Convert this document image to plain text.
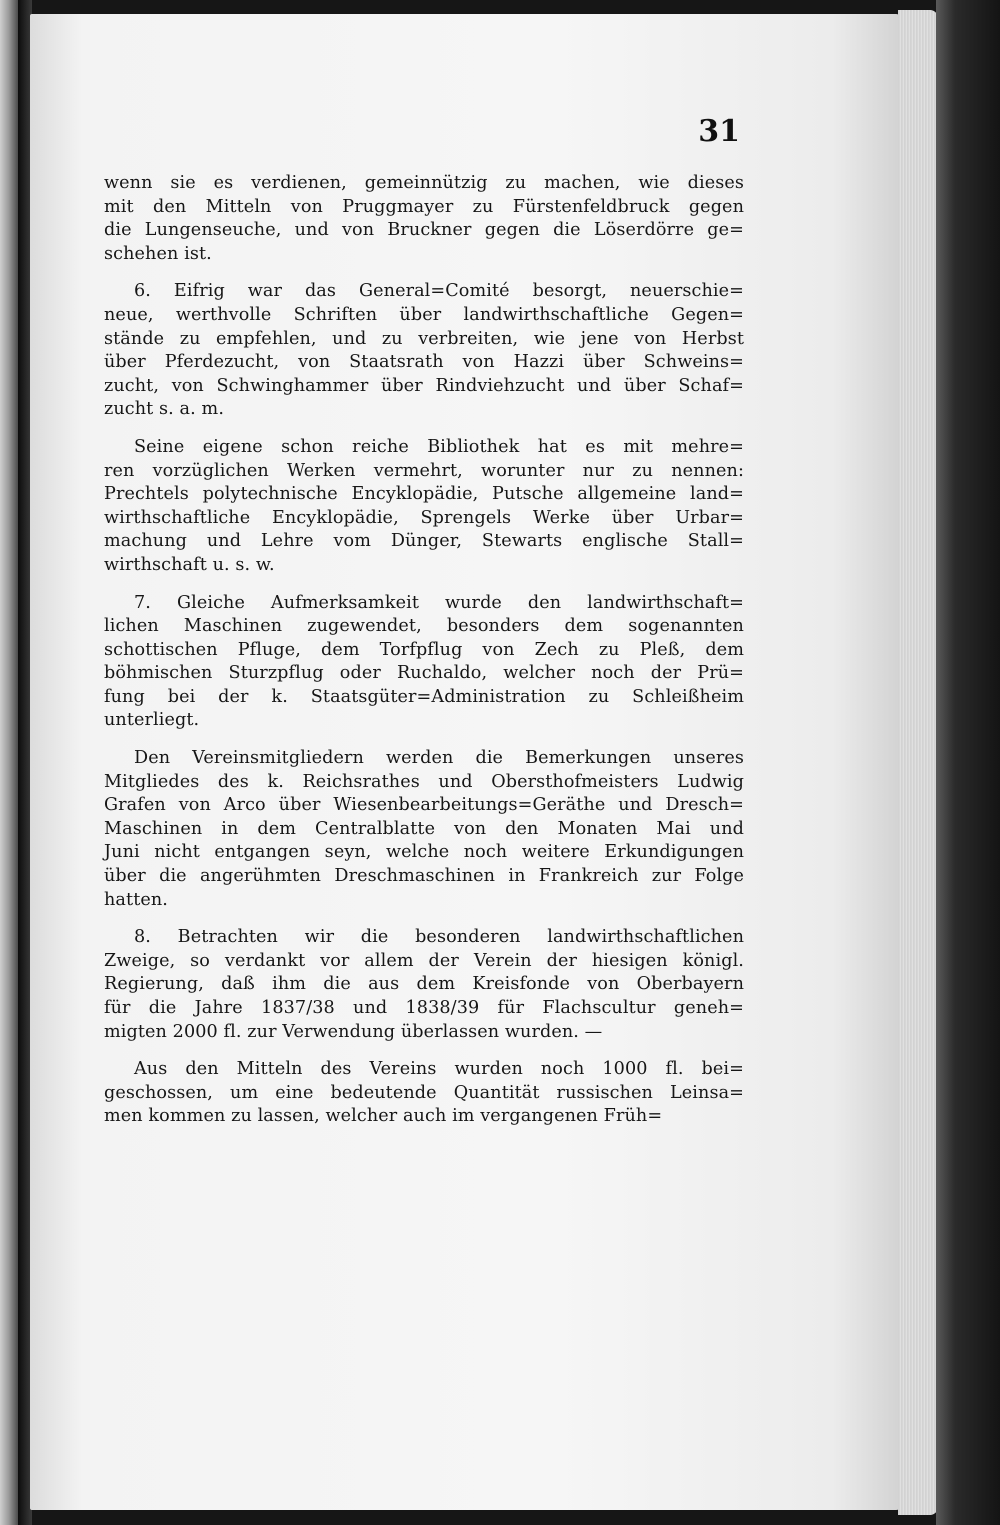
31
wenn sie es verdienen, gemeinnützig zu machen, wie dieses
mit den Mitteln von Pruggmayer zu Fürstenfeldbruck gegen
die Lungenseuche, und von Bruckner gegen die Löserdörre ge=
schehen ist.
6. Eifrig war das General=Comité besorgt, neuerschie=
neue, werthvolle Schriften über landwirthschaftliche Gegen=
stände zu empfehlen, und zu verbreiten, wie jene von Herbst
über Pferdezucht, von Staatsrath von Hazzi über Schweins=
zucht, von Schwinghammer über Rindviehzucht und über Schaf=
zucht s. a. m.
Seine eigene schon reiche Bibliothek hat es mit mehre=
ren vorzüglichen Werken vermehrt, worunter nur zu nennen:
Prechtels polytechnische Encyklopädie, Putsche allgemeine land=
wirthschaftliche Encyklopädie, Sprengels Werke über Urbar=
machung und Lehre vom Dünger, Stewarts englische Stall=
wirthschaft u. s. w.
7. Gleiche Aufmerksamkeit wurde den landwirthschaft=
lichen Maschinen zugewendet, besonders dem sogenannten
schottischen Pfluge, dem Torfpflug von Zech zu Pleß, dem
böhmischen Sturzpflug oder Ruchaldo, welcher noch der Prü=
fung bei der k. Staatsgüter=Administration zu Schleißheim
unterliegt.
Den Vereinsmitgliedern werden die Bemerkungen unseres
Mitgliedes des k. Reichsrathes und Obersthofmeisters Ludwig
Grafen von Arco über Wiesenbearbeitungs=Geräthe und Dresch=
Maschinen in dem Centralblatte von den Monaten Mai und
Juni nicht entgangen seyn, welche noch weitere Erkundigungen
über die angerühmten Dreschmaschinen in Frankreich zur Folge
hatten.
8. Betrachten wir die besonderen landwirthschaftlichen
Zweige, so verdankt vor allem der Verein der hiesigen königl.
Regierung, daß ihm die aus dem Kreisfonde von Oberbayern
für die Jahre 1837/38 und 1838/39 für Flachscultur geneh=
migten 2000 fl. zur Verwendung überlassen wurden. —
Aus den Mitteln des Vereins wurden noch 1000 fl. bei=
geschossen, um eine bedeutende Quantität russischen Leinsa=
men kommen zu lassen, welcher auch im vergangenen Früh=
